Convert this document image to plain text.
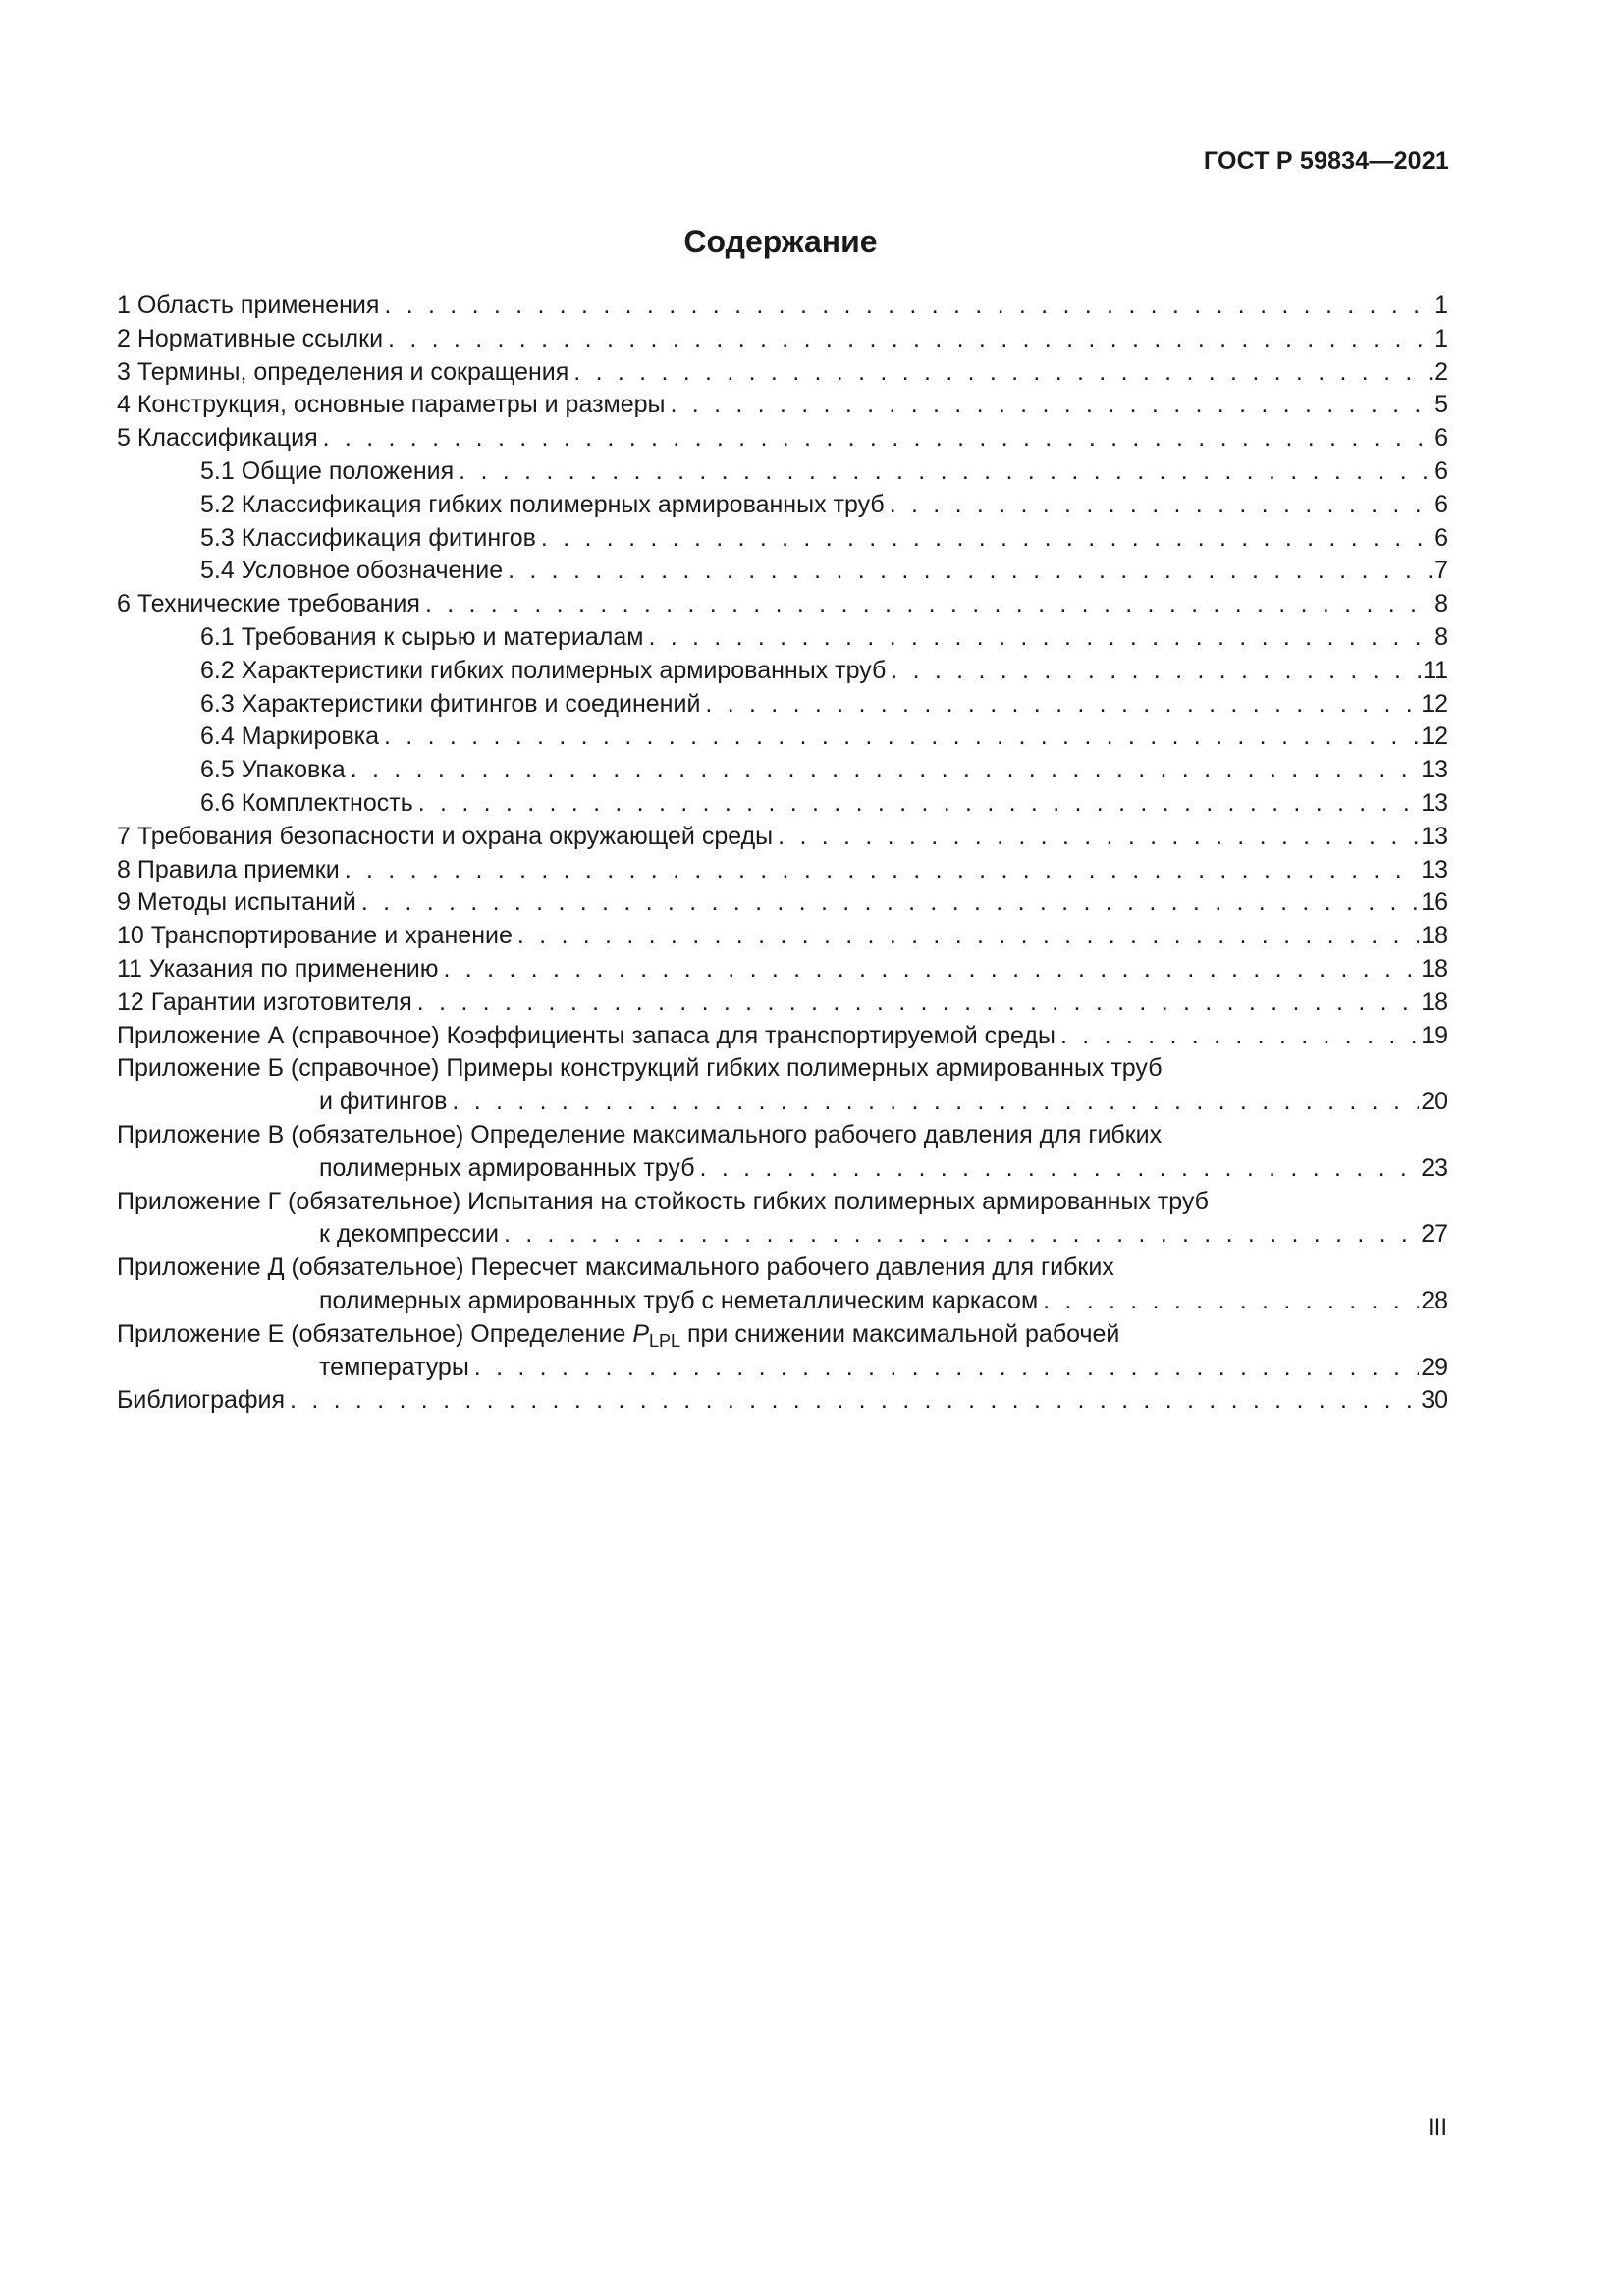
ГОСТ Р 59834—2021
Содержание
1 Область применения . . .	1
2 Нормативные ссылки . . .	1
3 Термины, определения и сокращения . . .	2
4 Конструкция, основные параметры и размеры . . .	5
5 Классификация . . .	6
5.1 Общие положения . . .	6
5.2 Классификация гибких полимерных армированных труб . . .	6
5.3 Классификация фитингов . . .	6
5.4 Условное обозначение . . .	7
6 Технические требования . . .	8
6.1 Требования к сырью и материалам . . .	8
6.2 Характеристики гибких полимерных армированных труб . . .	11
6.3 Характеристики фитингов и соединений . . .	12
6.4 Маркировка . . .	12
6.5 Упаковка . . .	13
6.6 Комплектность . . .	13
7 Требования безопасности и охрана окружающей среды . . .	13
8 Правила приемки . . .	13
9 Методы испытаний . . .	16
10 Транспортирование и хранение . . .	18
11 Указания по применению . . .	18
12 Гарантии изготовителя . . .	18
Приложение А (справочное) Коэффициенты запаса для транспортируемой среды . . .	19
Приложение Б (справочное) Примеры конструкций гибких полимерных армированных труб
и фитингов . . .	20
Приложение В (обязательное) Определение максимального рабочего давления для гибких
полимерных армированных труб . . .	23
Приложение Г (обязательное) Испытания на стойкость гибких полимерных армированных труб
к декомпрессии . . .	27
Приложение Д (обязательное) Пересчет максимального рабочего давления для гибких
полимерных армированных труб с неметаллическим каркасом . . .	28
Приложение Е (обязательное) Определение $P_{LPL}$ при снижении максимальной рабочей
температуры . . .	29
Библиография . . .	30
III
